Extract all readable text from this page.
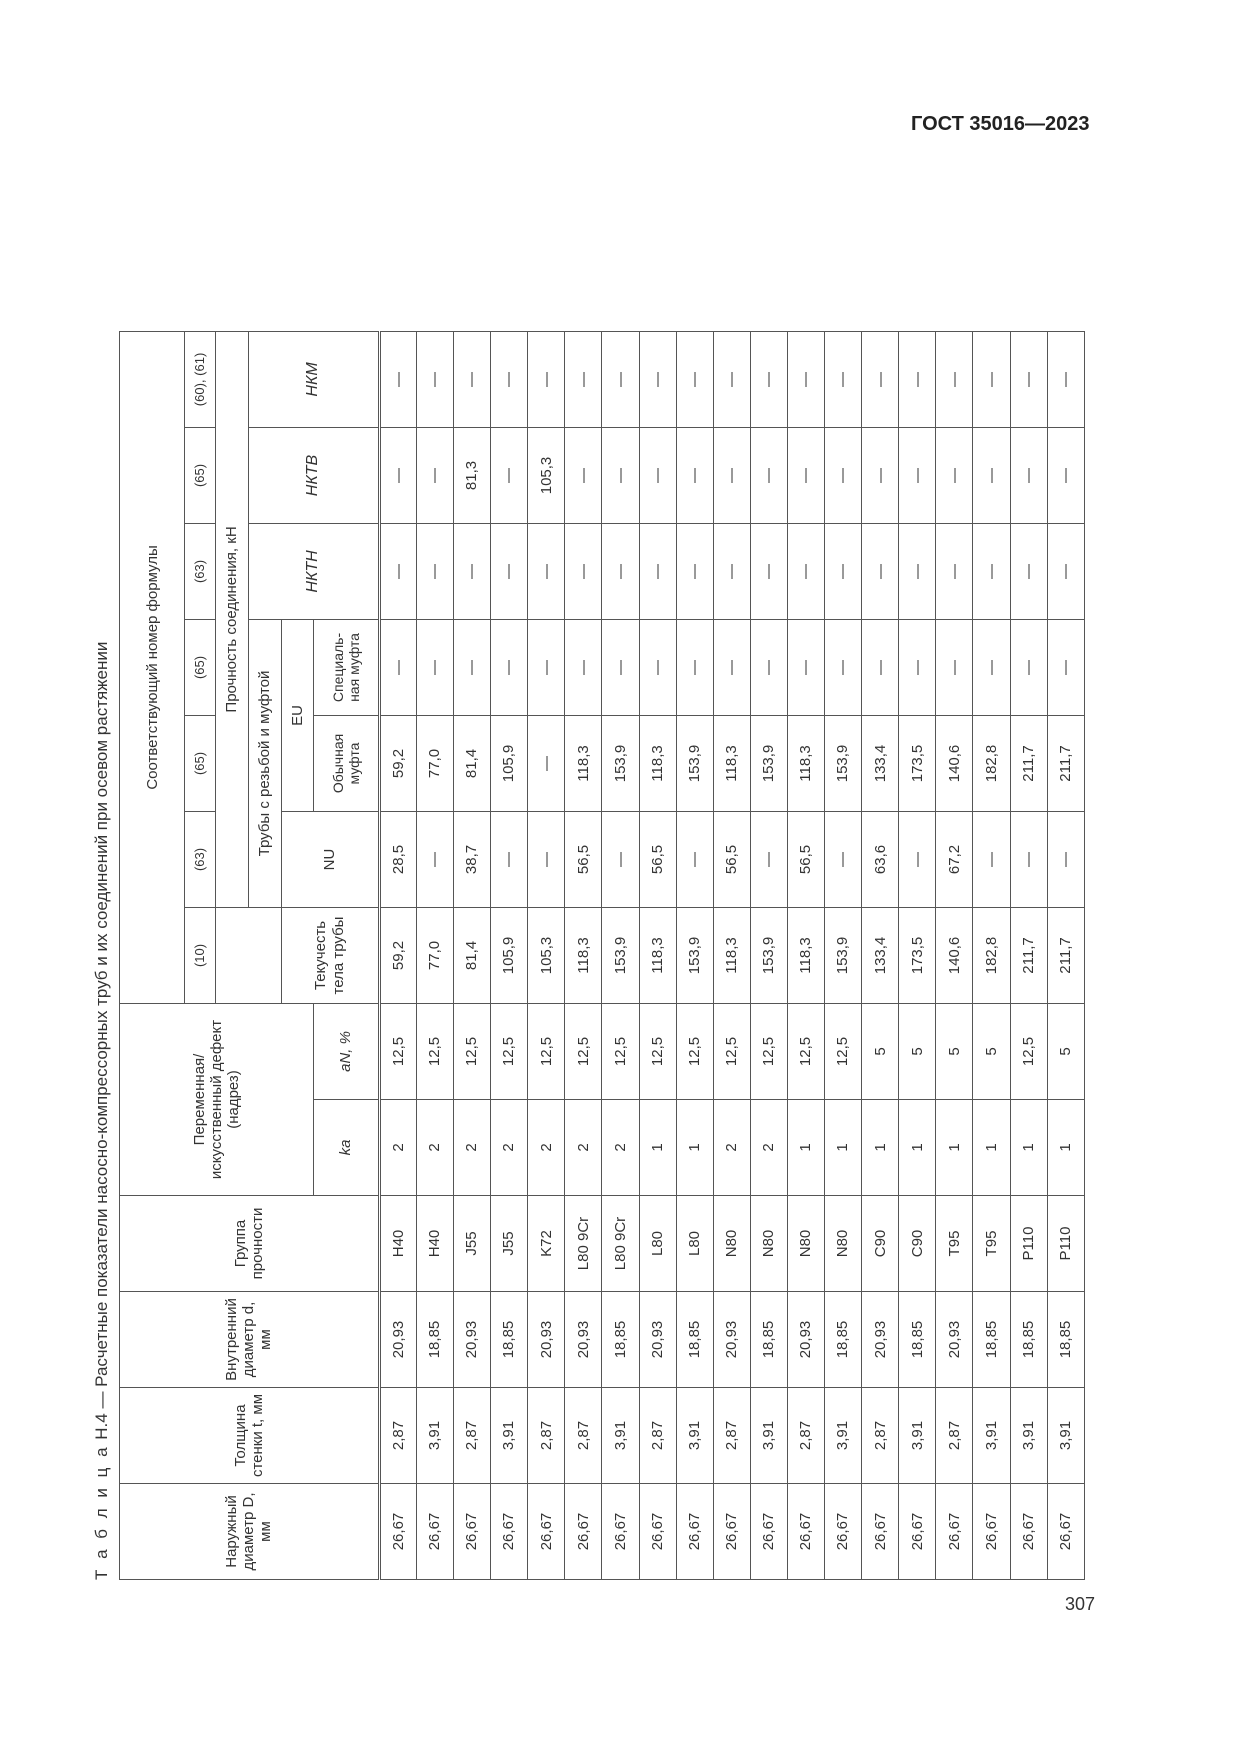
ГОСТ 35016—2023
Т а б л и ц а Н.4 — Расчетные показатели насосно-компрессорных труб и их соединений при осевом растяжении
Наружный диаметр D, мм	Толщина стенки t, мм	Внутренний диаметр d, мм	Группа прочности	Переменная/ искусственный дефект (надрез)		Соответствующий номер формулы							
						(10)	(63)	(65)	(65)	(63)	(65)	(60), (61)	
							Прочность соединения, кН						
							Трубы с резьбой и муфтой			НКТН	НКТВ	НКМ	
						Текучесть тела трубы	NU	EU					
				kа	aN, %			Обычная муфта	Специаль- ная муфта				
26,67	2,87	20,93	H40	2	12,5	59,2	28,5	59,2	—	—	—	—	
26,67	3,91	18,85	H40	2	12,5	77,0	—	77,0	—	—	—	—	
26,67	2,87	20,93	J55	2	12,5	81,4	38,7	81,4	—	—	81,3	—	
26,67	3,91	18,85	J55	2	12,5	105,9	—	105,9	—	—	—	—	
26,67	2,87	20,93	K72	2	12,5	105,3	—	—	—	—	105,3	—	
26,67	2,87	20,93	L80 9Cr	2	12,5	118,3	56,5	118,3	—	—	—	—	
26,67	3,91	18,85	L80 9Cr	2	12,5	153,9	—	153,9	—	—	—	—	
26,67	2,87	20,93	L80	1	12,5	118,3	56,5	118,3	—	—	—	—	
26,67	3,91	18,85	L80	1	12,5	153,9	—	153,9	—	—	—	—	
26,67	2,87	20,93	N80	2	12,5	118,3	56,5	118,3	—	—	—	—	
26,67	3,91	18,85	N80	2	12,5	153,9	—	153,9	—	—	—	—	
26,67	2,87	20,93	N80	1	12,5	118,3	56,5	118,3	—	—	—	—	
26,67	3,91	18,85	N80	1	12,5	153,9	—	153,9	—	—	—	—	
26,67	2,87	20,93	C90	1	5	133,4	63,6	133,4	—	—	—	—	
26,67	3,91	18,85	C90	1	5	173,5	—	173,5	—	—	—	—	
26,67	2,87	20,93	T95	1	5	140,6	67,2	140,6	—	—	—	—	
26,67	3,91	18,85	T95	1	5	182,8	—	182,8	—	—	—	—	
26,67	3,91	18,85	P110	1	12,5	211,7	—	211,7	—	—	—	—	
26,67	3,91	18,85	P110	1	5	211,7	—	211,7	—	—	—	—	
307
